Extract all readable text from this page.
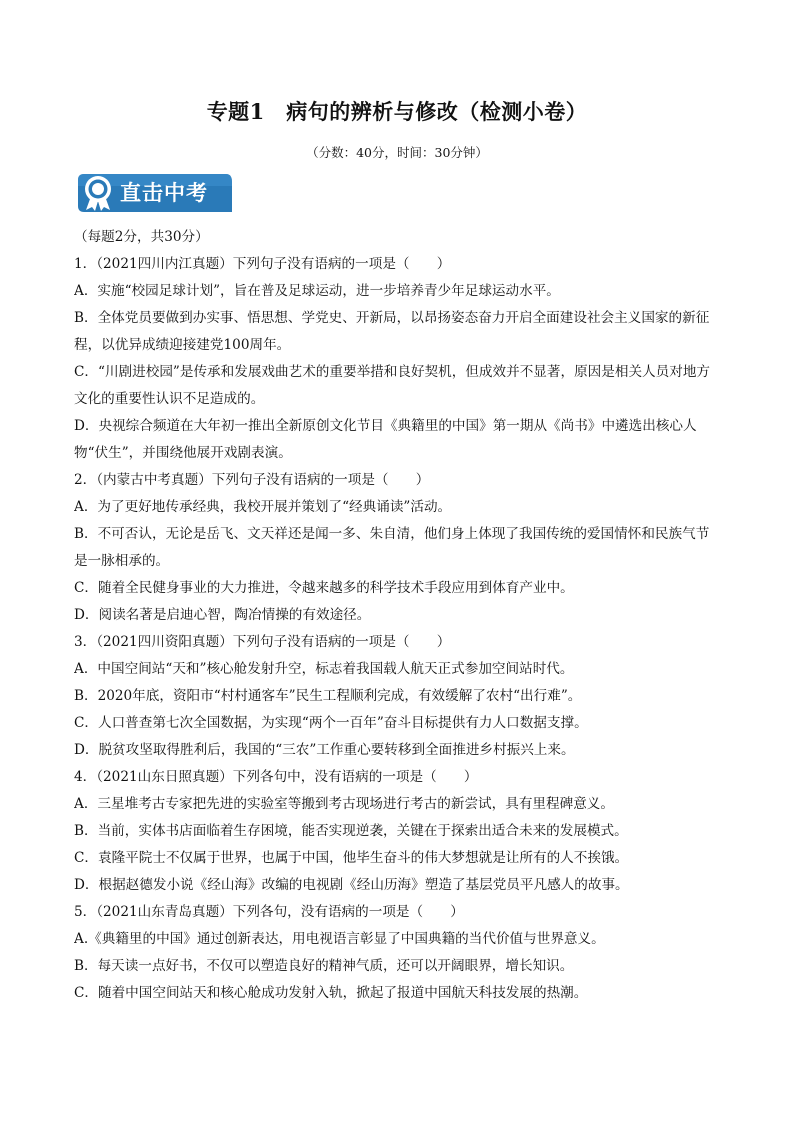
专题1　病句的辨析与修改（检测小卷）

（分数：40分，时间：30分钟）

直击中考
（每题2分，共30分）
1．（2021四川内江真题）下列句子没有语病的一项是（　　）
A．实施“校园足球计划”，旨在普及足球运动，进一步培养青少年足球运动水平。
B．全体党员要做到办实事、悟思想、学党史、开新局，以昂扬姿态奋力开启全面建设社会主义国家的新征
程，以优异成绩迎接建党100周年。
C．“川剧进校园”是传承和发展戏曲艺术的重要举措和良好契机，但成效并不显著，原因是相关人员对地方
文化的重要性认识不足造成的。
D．央视综合频道在大年初一推出全新原创文化节目《典籍里的中国》第一期从《尚书》中遴选出核心人
物“伏生”，并围绕他展开戏剧表演。
2．（内蒙古中考真题）下列句子没有语病的一项是（　　）
A．为了更好地传承经典，我校开展并策划了“经典诵读”活动。
B．不可否认，无论是岳飞、文天祥还是闻一多、朱自清，他们身上体现了我国传统的爱国情怀和民族气节
是一脉相承的。
C．随着全民健身事业的大力推进，令越来越多的科学技术手段应用到体育产业中。
D．阅读名著是启迪心智，陶冶情操的有效途径。
3．（2021四川资阳真题）下列句子没有语病的一项是（　　）
A．中国空间站“天和”核心舱发射升空，标志着我国载人航天正式参加空间站时代。
B．2020年底，资阳市“村村通客车”民生工程顺利完成，有效缓解了农村“出行难”。
C．人口普查第七次全国数据，为实现“两个一百年”奋斗目标提供有力人口数据支撑。
D．脱贫攻坚取得胜利后，我国的“三农”工作重心要转移到全面推进乡村振兴上来。
4．（2021山东日照真题）下列各句中，没有语病的一项是（　　）
A．三星堆考古专家把先进的实验室等搬到考古现场进行考古的新尝试，具有里程碑意义。
B．当前，实体书店面临着生存困境，能否实现逆袭，关键在于探索出适合未来的发展模式。
C．袁隆平院士不仅属于世界，也属于中国，他毕生奋斗的伟大梦想就是让所有的人不挨饿。
D．根据赵德发小说《经山海》改编的电视剧《经山历海》塑造了基层党员平凡感人的故事。
5．（2021山东青岛真题）下列各句，没有语病的一项是（　　）
A.《典籍里的中国》通过创新表达，用电视语言彰显了中国典籍的当代价值与世界意义。
B．每天读一点好书，不仅可以塑造良好的精神气质，还可以开阔眼界，增长知识。
C．随着中国空间站天和核心舱成功发射入轨，掀起了报道中国航天科技发展的热潮。
